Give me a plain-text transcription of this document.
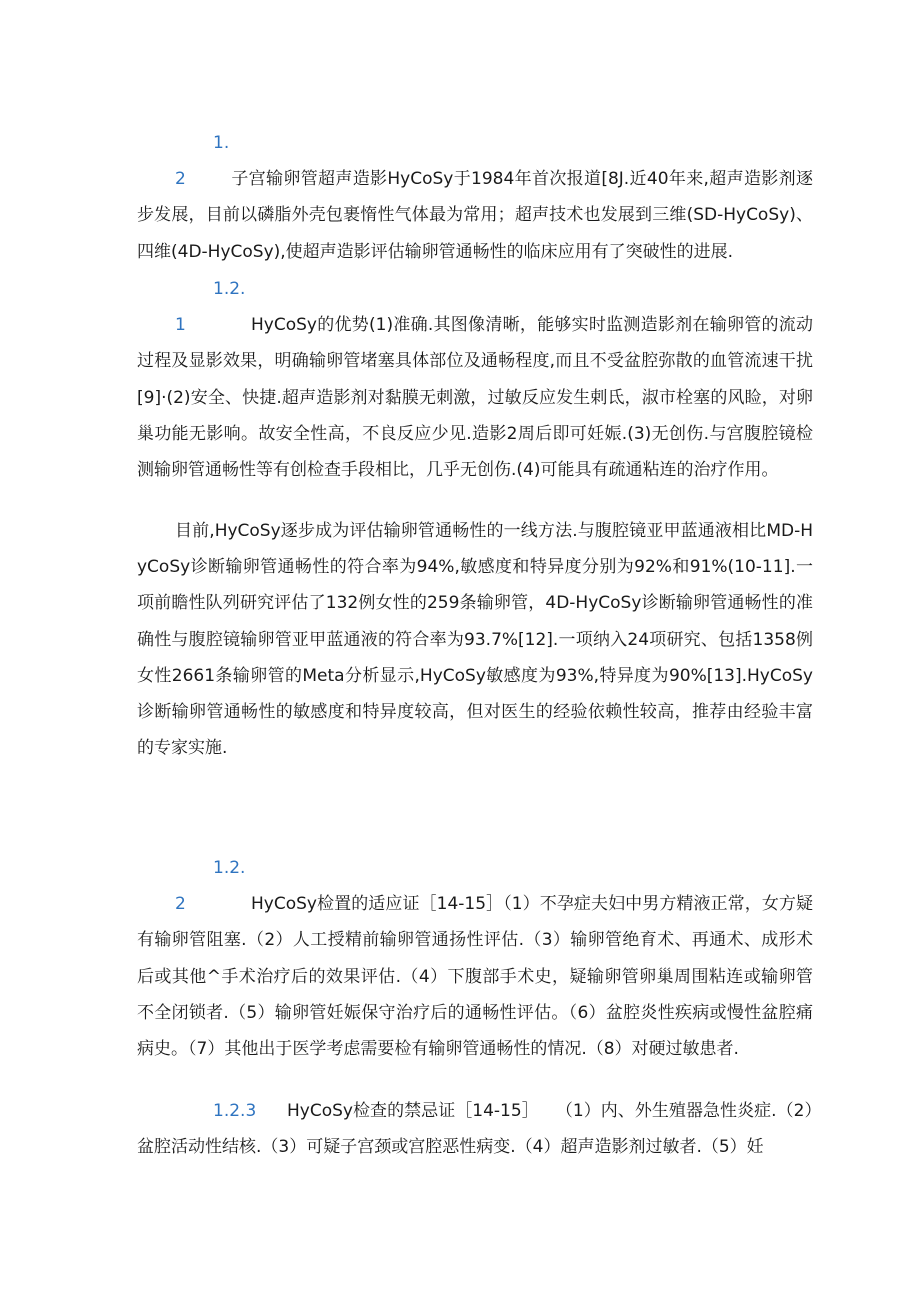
1.2	子宫输卵管超声造影HyCoSy于1984年首次报道[8J.近40年来,超声造影剂逐步发展，目前以磷脂外壳包裹惰性气体最为常用；超声技术也发展到三维(SD-HyCoSy)、四维(4D-HyCoSy),使超声造影评估输卵管通畅性的临床应用有了突破性的进展.

1.2.1	HyCoSy的优势(1)准确.其图像清晰，能够实时监测造影剂在输卵管的流动过程及显影效果，明确输卵管堵塞具体部位及通畅程度,而且不受盆腔弥散的血管流速干扰[9]·(2)安全、快捷.超声造影剂对黏膜无刺激，过敏反应发生剌氐，淑市栓塞的风睑，对卵巢功能无影响。故安全性高，不良反应少见.造影2周后即可妊娠.(3)无创伤.与宫腹腔镜检测输卵管通畅性等有创检查手段相比，几乎无创伤.(4)可能具有疏通粘连的治疗作用。

目前,HyCoSy逐步成为评估输卵管通畅性的一线方法.与腹腔镜亚甲蓝通液相比MD-HyCoSy诊断输卵管通畅性的符合率为94%,敏感度和特异度分别为92%和91%(10-11].一项前瞻性队列研究评估了132例女性的259条输卵管，4D-HyCoSy诊断输卵管通畅性的准确性与腹腔镜输卵管亚甲蓝通液的符合率为93.7%[12].一项纳入24项研究、包括1358例女性2661条输卵管的Meta分析显示,HyCoSy敏感度为93%,特异度为90%[13].HyCoSy诊断输卵管通畅性的敏感度和特异度较高，但对医生的经验依赖性较高，推荐由经验丰富的专家实施.

1.2.2	HyCoSy检置的适应证［14-15］（1）不孕症夫妇中男方精液正常，女方疑有输卵管阻塞.（2）人工授精前输卵管通扬性评估.（3）输卵管绝育术、再通术、成形术后或其他^手术治疗后的效果评估.（4）下腹部手术史，疑输卵管卵巢周围粘连或输卵管不全闭锁者.（5）输卵管妊娠保守治疗后的通畅性评估。（6）盆腔炎性疾病或慢性盆腔痛病史。（7）其他出于医学考虑需要检有输卵管通畅性的情况.（8）对硬过敏患者.

1.2.3 HyCoSy检查的禁忌证［14-15］　　（1）内、外生殖器急性炎症.（2）盆腔活动性结核.（3）可疑子宫颈或宫腔恶性病变.（4）超声造影剂过敏者.（5）妊
